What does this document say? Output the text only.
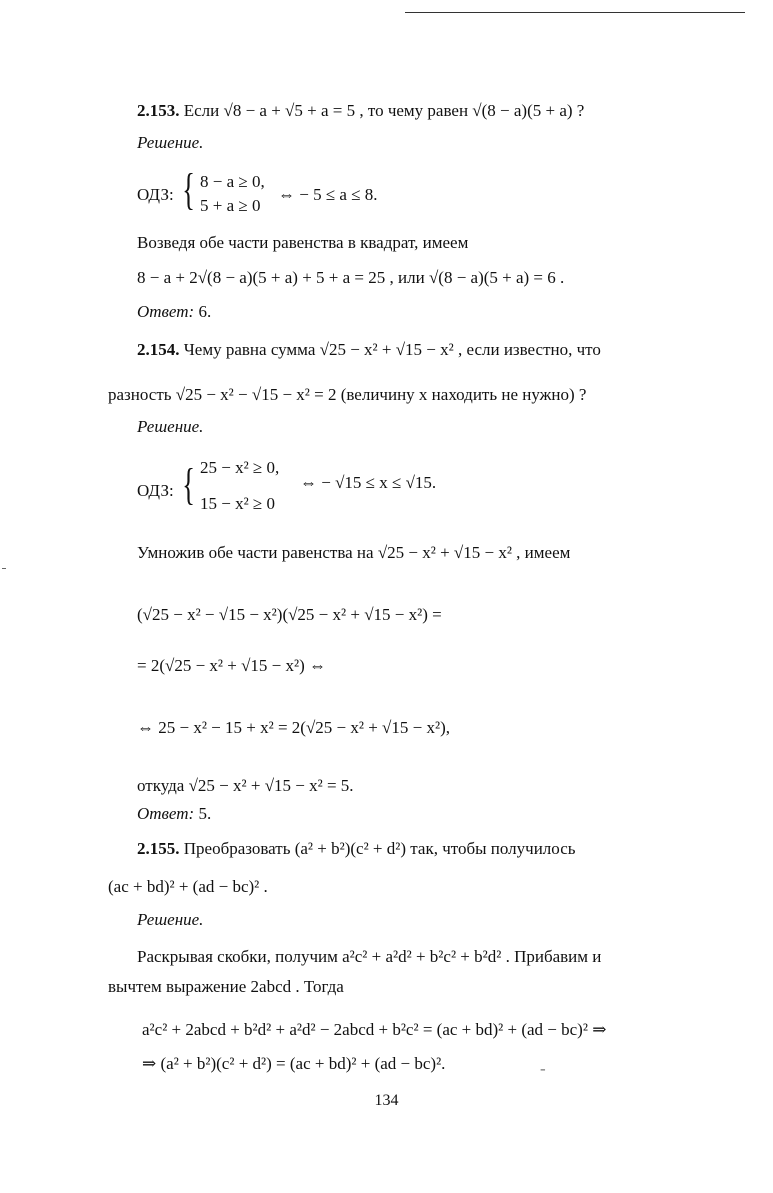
2.153. Если √8 − a + √5 + a = 5 , то чему равен √(8 − a)(5 + a) ?
Решение.
ОДЗ: { 8 − a ≥ 0,
5 + a ≥ 0
⇔ − 5 ≤ a ≤ 8.
Возведя обе части равенства в квадрат, имеем
8 − a + 2√(8 − a)(5 + a) + 5 + a = 25 , или √(8 − a)(5 + a) = 6 .
Ответ: 6.
2.154. Чему равна сумма √25 − x² + √15 − x² , если известно, что
разность √25 − x² − √15 − x² = 2 (величину x находить не нужно) ?
Решение.
ОДЗ: { 25 − x² ≥ 0,
15 − x² ≥ 0
⇔ − √15 ≤ x ≤ √15.
Умножив обе части равенства на √25 − x² + √15 − x² , имеем
(√25 − x² − √15 − x²)(√25 − x² + √15 − x²) =
= 2(√25 − x² + √15 − x²) ⇔
⇔ 25 − x² − 15 + x² = 2(√25 − x² + √15 − x²),
откуда √25 − x² + √15 − x² = 5.
Ответ: 5.
2.155. Преобразовать (a² + b²)(c² + d²) так, чтобы получилось
(ac + bd)² + (ad − bc)² .
Решение.
Раскрывая скобки, получим a²c² + a²d² + b²c² + b²d² . Прибавим и
вычтем выражение 2abcd . Тогда
a²c² + 2abcd + b²d² + a²d² − 2abcd + b²c² = (ac + bd)² + (ad − bc)² ⇒
⇒ (a² + b²)(c² + d²) = (ac + bd)² + (ad − bc)².	-
134
